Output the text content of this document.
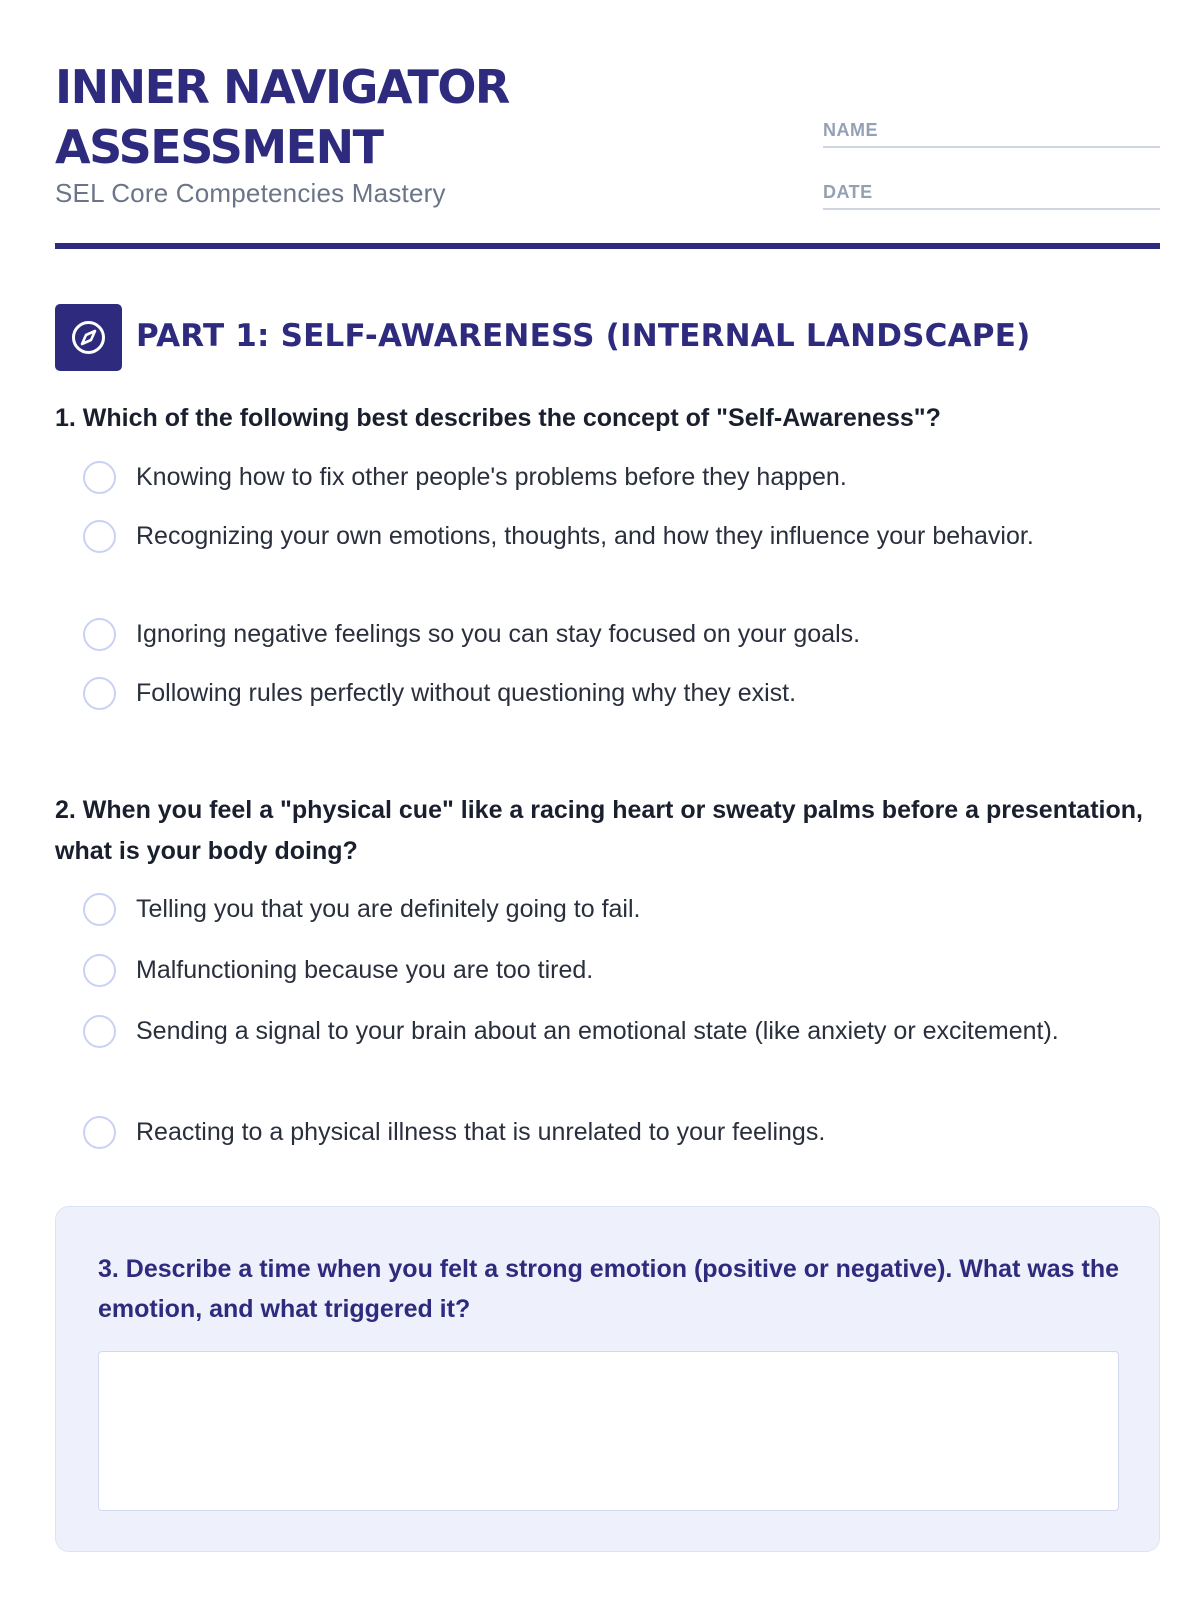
INNER NAVIGATOR
ASSESSMENT
SEL Core Competencies Mastery
NAME
DATE
PART 1: SELF-AWARENESS (INTERNAL LANDSCAPE)
1. Which of the following best describes the concept of "Self-Awareness"?
Knowing how to fix other people's problems before they happen.
Recognizing your own emotions, thoughts, and how they influence your behavior.
Ignoring negative feelings so you can stay focused on your goals.
Following rules perfectly without questioning why they exist.
2. When you feel a "physical cue" like a racing heart or sweaty palms before a presentation, what is your body doing?
Telling you that you are definitely going to fail.
Malfunctioning because you are too tired.
Sending a signal to your brain about an emotional state (like anxiety or excitement).
Reacting to a physical illness that is unrelated to your feelings.
3. Describe a time when you felt a strong emotion (positive or negative). What was the emotion, and what triggered it?
